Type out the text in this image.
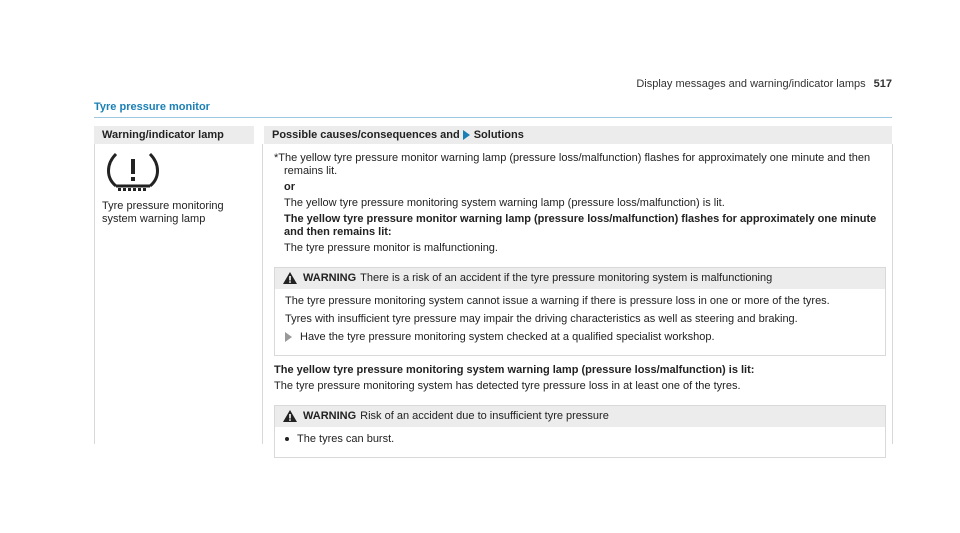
Display messages and warning/indicator lamps 517
Tyre pressure monitor
Warning/indicator lamp	Possible causes/consequences and Solutions
Tyre pressure monitoring system warning lamp

*The yellow tyre pressure monitor warning lamp (pressure loss/malfunction) flashes for approximately one minute and then remains lit.

or

The yellow tyre pressure monitoring system warning lamp (pressure loss/malfunction) is lit.

The yellow tyre pressure monitor warning lamp (pressure loss/malfunction) flashes for approximately one minute and then remains lit:

The tyre pressure monitor is malfunctioning.

WARNING There is a risk of an accident if the tyre pressure monitoring system is malfunctioning

The tyre pressure monitoring system cannot issue a warning if there is pressure loss in one or more of the tyres.

Tyres with insufficient tyre pressure may impair the driving characteristics as well as steering and braking.

Have the tyre pressure monitoring system checked at a qualified specialist workshop.

The yellow tyre pressure monitoring system warning lamp (pressure loss/malfunction) is lit:

The tyre pressure monitoring system has detected tyre pressure loss in at least one of the tyres.

WARNING Risk of an accident due to insufficient tyre pressure

The tyres can burst.
